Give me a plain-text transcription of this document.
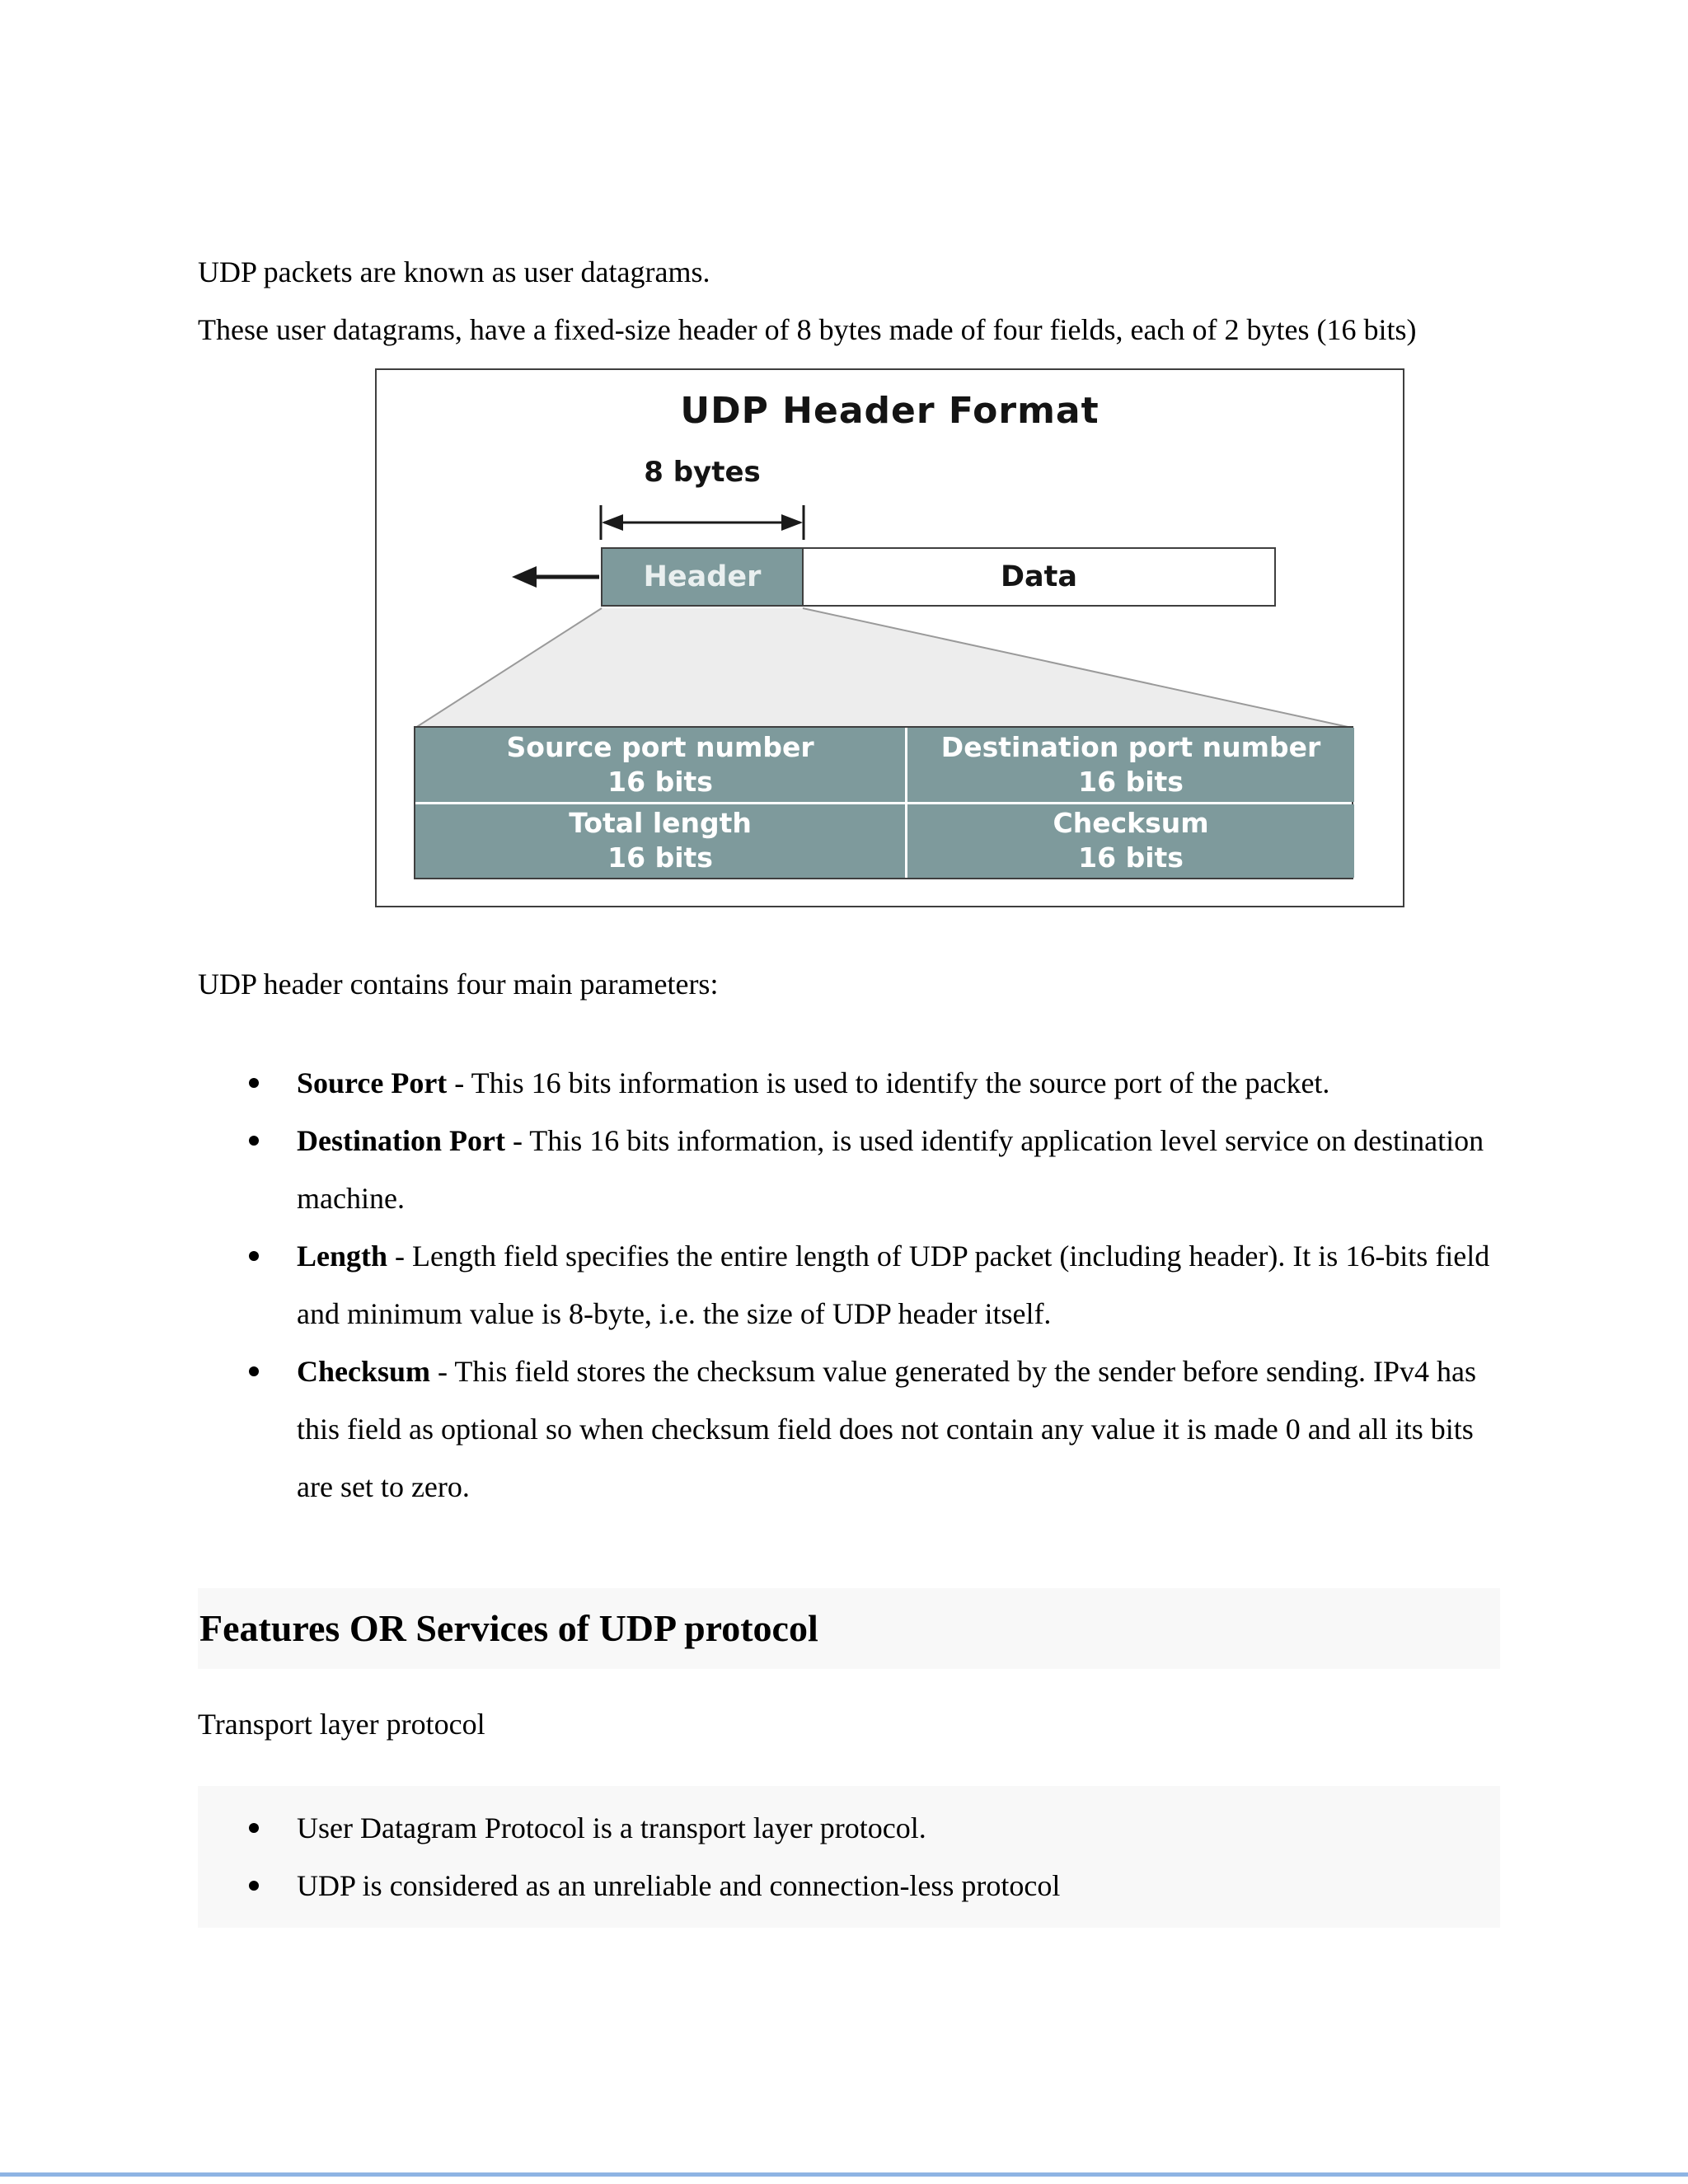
UDP packets are known as user datagrams.

These user datagrams, have a fixed-size header of 8 bytes made of four fields, each of 2 bytes (16 bits)

UDP Header Format
8 bytes
Header	Data
Source port number
16 bits
Destination port number
16 bits
Total length
16 bits
Checksum
16 bits

UDP header contains four main parameters:

Source Port - This 16 bits information is used to identify the source port of the packet.
Destination Port - This 16 bits information, is used identify application level service on destination machine.
Length - Length field specifies the entire length of UDP packet (including header). It is 16-bits field and minimum value is 8-byte, i.e. the size of UDP header itself.
Checksum - This field stores the checksum value generated by the sender before sending. IPv4 has this field as optional so when checksum field does not contain any value it is made 0 and all its bits are set to zero.
Features OR Services of UDP protocol

Transport layer protocol

User Datagram Protocol is a transport layer protocol.
UDP is considered as an unreliable and connection-less protocol
